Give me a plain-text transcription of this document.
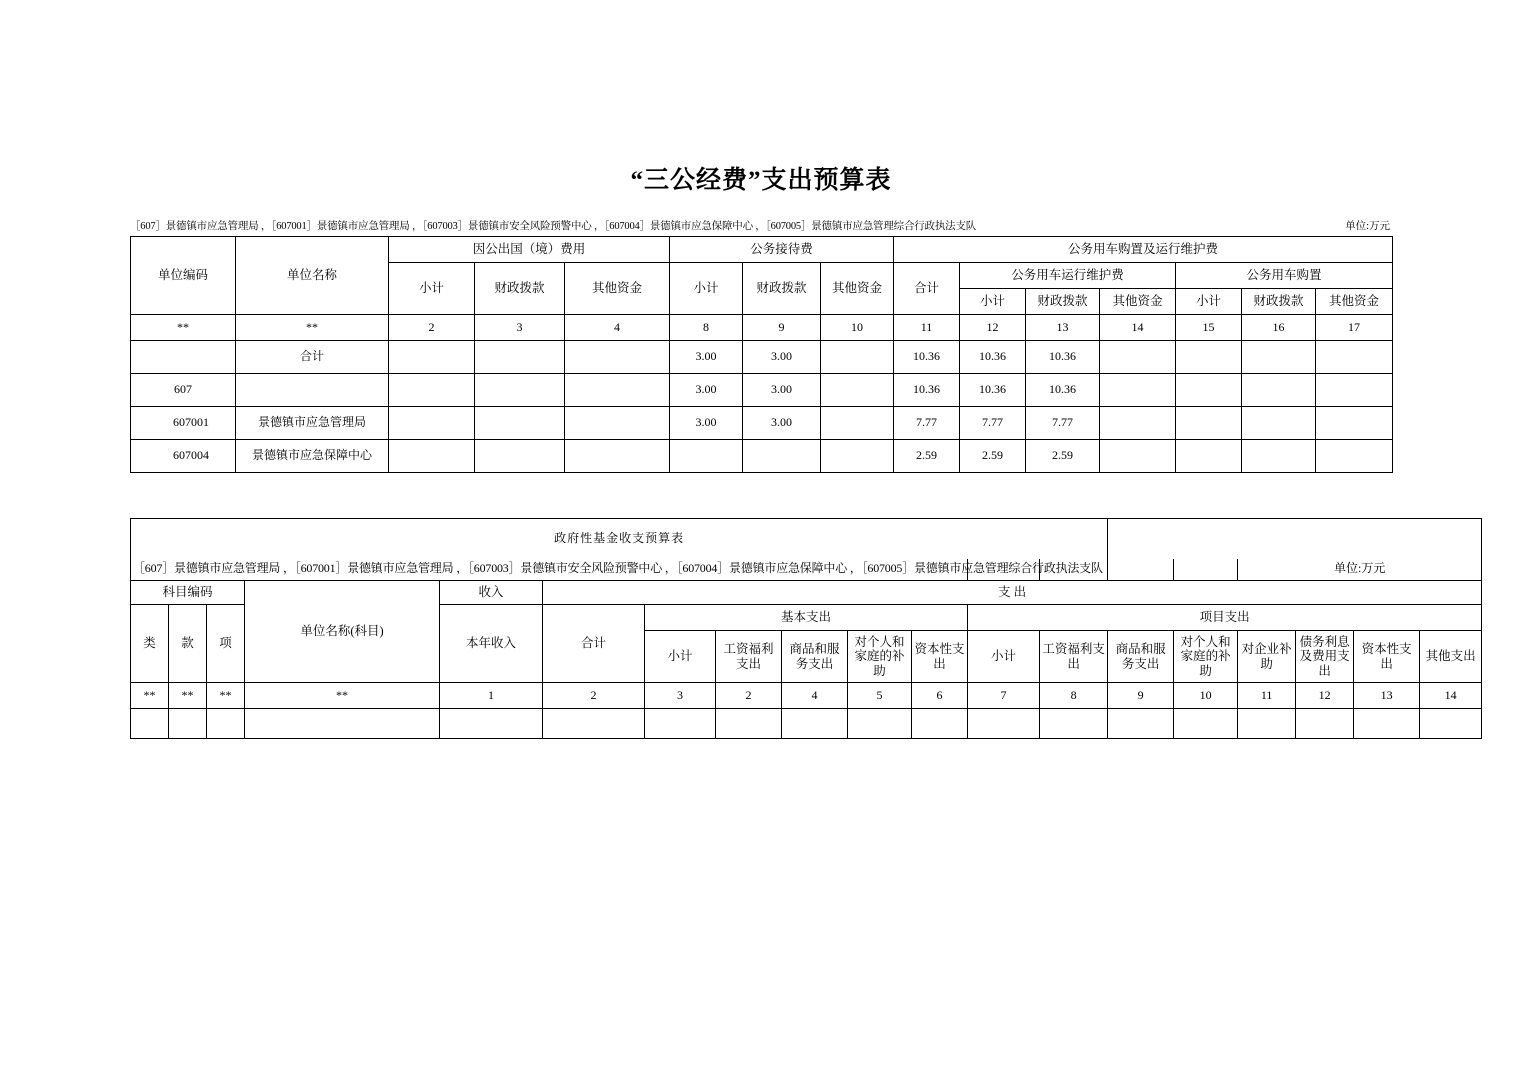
“三公经费”支出预算表
［607］景德镇市应急管理局 ，［607001］景德镇市应急管理局 ，［607003］景德镇市安全风险预警中心 ，［607004］景德镇市应急保障中心 ，［607005］景德镇市应急管理综合行政执法支队	单位:万元
单位编码	单位名称	因公出国（境）费用			公务接待费			公务用车购置及运行维护费						
		小计	财政拨款	其他资金	小计	财政拨款	其他资金	合计	公务用车运行维护费			公务用车购置		
									小计	财政拨款	其他资金	小计	财政拨款	其他资金
**	**	2	3	4	8	9	10	11	12	13	14	15	16	17
	合计				3.00	3.00		10.36	10.36	10.36				
607					3.00	3.00		10.36	10.36	10.36				
607001	景德镇市应急管理局				3.00	3.00		7.77	7.77	7.77				
607004	景德镇市应急保障中心							2.59	2.59	2.59				
政府性基金收支预算表																		
［607］景德镇市应急管理局 ，［607001］景德镇市应急管理局 ，［607003］景德镇市安全风险预警中心 ，［607004］景德镇市应急保障中心 ，［607005］景德镇市应急管理综合行政执法支队															单位:万元			
科目编码			单位名称(科目)	收入	支 出													
类	款	项		本年收入	合计	基本支出					项目支出							
						小计	工资福利支出	商品和服务支出	对个人和家庭的补助	资本性支出	小计	工资福利支出	商品和服务支出	对个人和家庭的补助	对企业补助	债务利息及费用支出	资本性支出	其他支出
**	**	**	**	1	2	3	2	4	5	6	7	8	9	10	11	12	13	14
